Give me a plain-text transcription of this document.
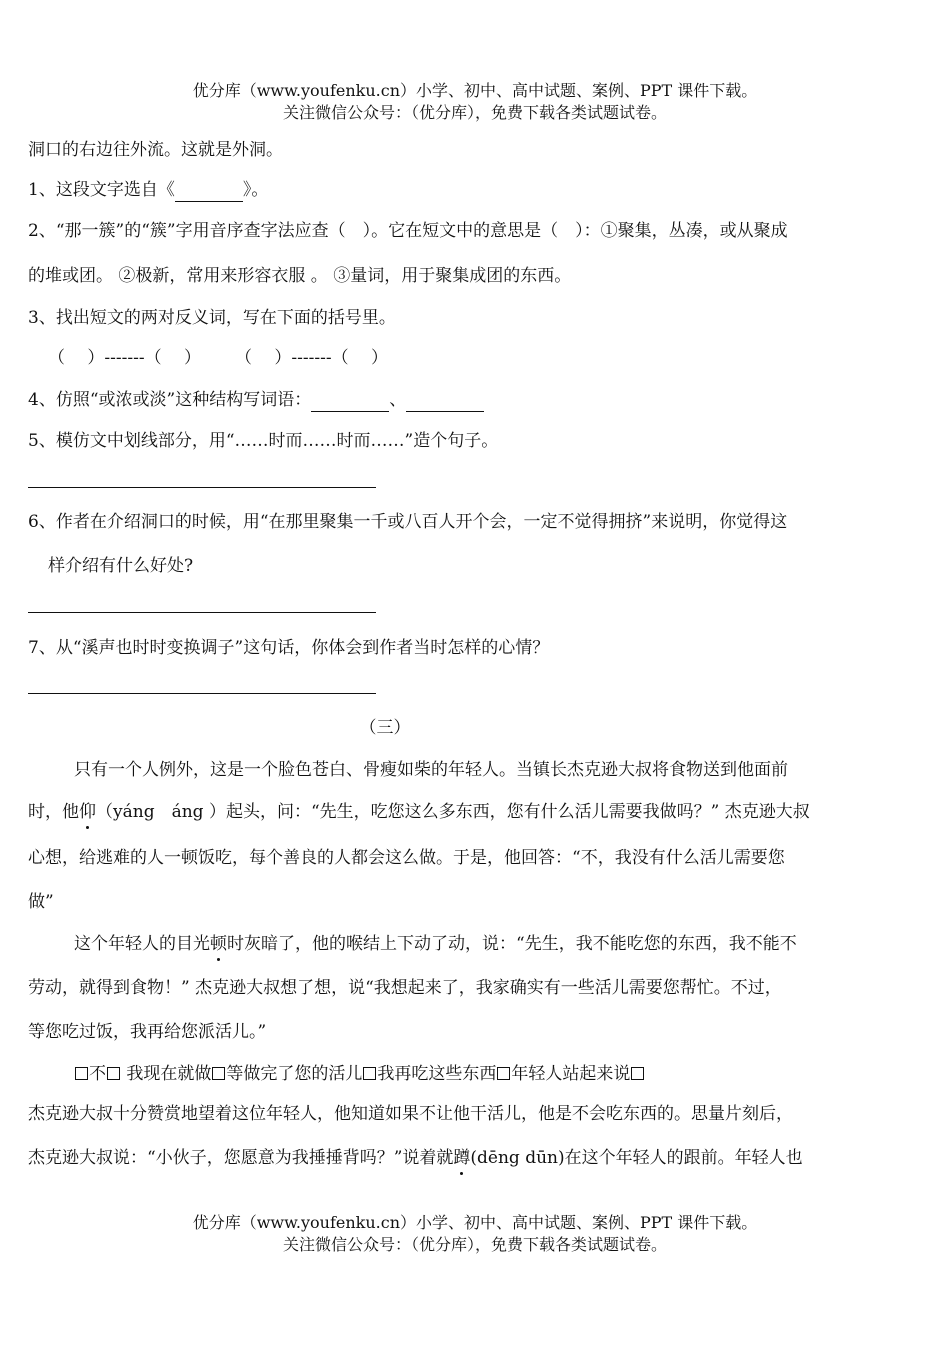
优分库（www.youfenku.cn）小学、初中、高中试题、案例、PPT 课件下载。
关注微信公众号：（优分库），免费下载各类试题试卷。
洞口的右边往外流。这就是外洞。
1、这段文字选自《	》。
2、“那一簇”的“簇”字用音序查字法应查（　）。它在短文中的意思是（　）：①聚集，丛凑，或从聚成
的堆或团。 ②极新，常用来形容衣服 。 ③量词，用于聚集成团的东西。
3、找出短文的两对反义词，写在下面的括号里。
（　 ）-------（　 ）　　　（　 ）-------（　 ）
4、仿照“或浓或淡”这种结构写词语：	、
5、模仿文中划线部分，用“……时而……时而……”造个句子。
6、作者在介绍洞口的时候，用“在那里聚集一千或八百人开个会，一定不觉得拥挤”来说明，你觉得这
样介绍有什么好处?
7、从“溪声也时时变换调子”这句话，你体会到作者当时怎样的心情？
（三）
只有一个人例外，这是一个脸色苍白、骨瘦如柴的年轻人。当镇长杰克逊大叔将食物送到他面前
时，他仰（yáng　áng ）起头，问：“先生，吃您这么多东西，您有什么活儿需要我做吗？” 杰克逊大叔
心想，给逃难的人一顿饭吃，每个善良的人都会这么做。于是，他回答：“不，我没有什么活儿需要您
做”
这个年轻人的目光顿时灰暗了，他的喉结上下动了动，说：“先生，我不能吃您的东西，我不能不
劳动，就得到食物！” 杰克逊大叔想了想，说“我想起来了，我家确实有一些活儿需要您帮忙。不过，
等您吃过饭，我再给您派活儿。”
不 我现在就做 等做完了您的活儿 我再吃这些东西 年轻人站起来说
杰克逊大叔十分赞赏地望着这位年轻人，他知道如果不让他干活儿，他是不会吃东西的。思量片刻后，
杰克逊大叔说：“小伙子，您愿意为我捶捶背吗？”说着就蹲(dēng dūn)在这个年轻人的跟前。年轻人也
优分库（www.youfenku.cn）小学、初中、高中试题、案例、PPT 课件下载。
关注微信公众号：（优分库），免费下载各类试题试卷。
